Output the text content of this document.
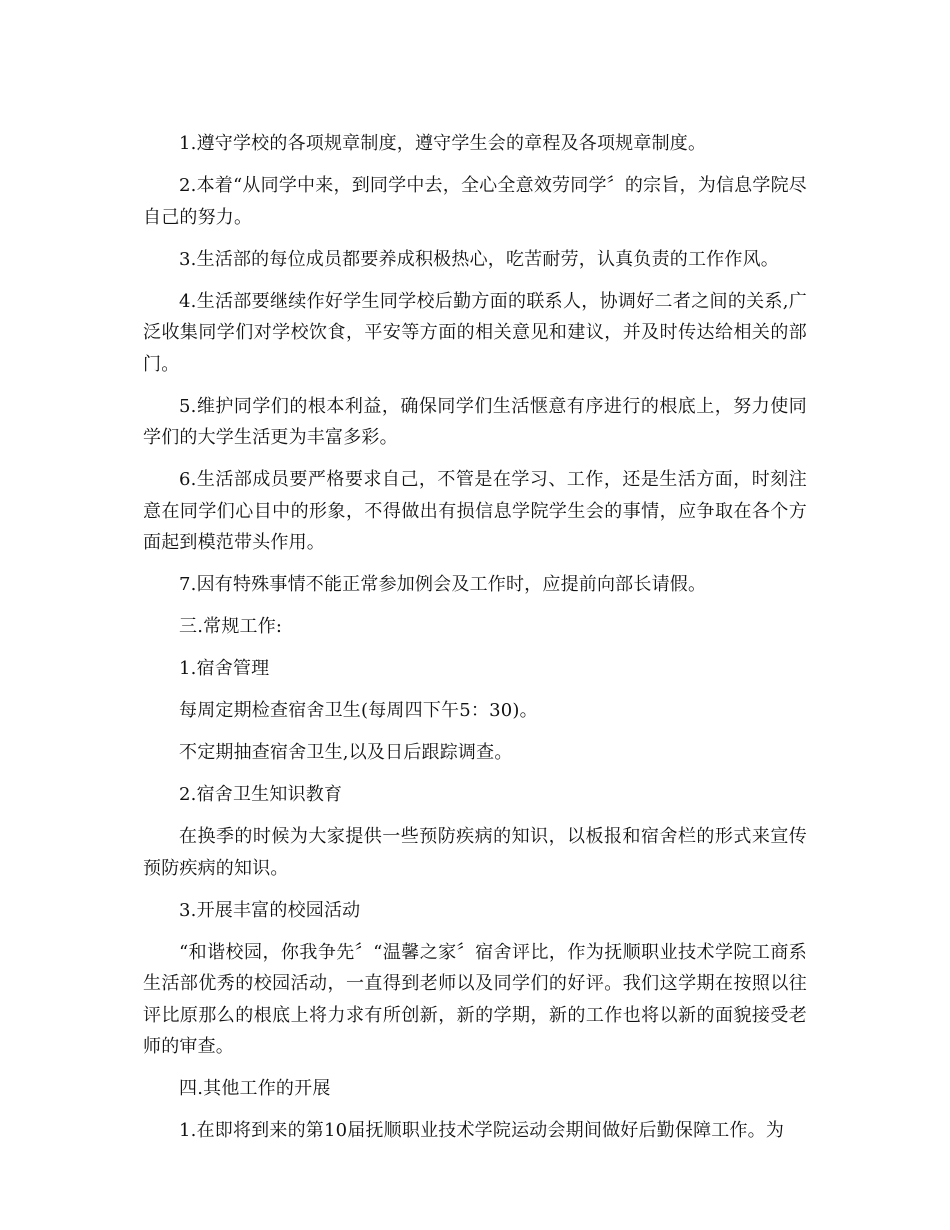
1.遵守学校的各项规章制度，遵守学生会的章程及各项规章制度。

2.本着“从同学中来，到同学中去，全心全意效劳同学〞的宗旨，为信息学院尽自己的努力。

3.生活部的每位成员都要养成积极热心，吃苦耐劳，认真负责的工作作风。

4.生活部要继续作好学生同学校后勤方面的联系人，协调好二者之间的关系,广泛收集同学们对学校饮食，平安等方面的相关意见和建议，并及时传达给相关的部门。

5.维护同学们的根本利益，确保同学们生活惬意有序进行的根底上，努力使同学们的大学生活更为丰富多彩。

6.生活部成员要严格要求自己，不管是在学习、工作，还是生活方面，时刻注意在同学们心目中的形象，不得做出有损信息学院学生会的事情，应争取在各个方面起到模范带头作用。

7.因有特殊事情不能正常参加例会及工作时，应提前向部长请假。

三.常规工作:

1.宿舍管理

每周定期检查宿舍卫生(每周四下午5：30)。

不定期抽查宿舍卫生,以及日后跟踪调查。

2.宿舍卫生知识教育

在换季的时候为大家提供一些预防疾病的知识，以板报和宿舍栏的形式来宣传预防疾病的知识。

3.开展丰富的校园活动

“和谐校园，你我争先〞“温馨之家〞宿舍评比，作为抚顺职业技术学院工商系生活部优秀的校园活动，一直得到老师以及同学们的好评。我们这学期在按照以往评比原那么的根底上将力求有所创新，新的学期，新的工作也将以新的面貌接受老师的审查。

四.其他工作的开展

1.在即将到来的第10届抚顺职业技术学院运动会期间做好后勤保障工作。为
